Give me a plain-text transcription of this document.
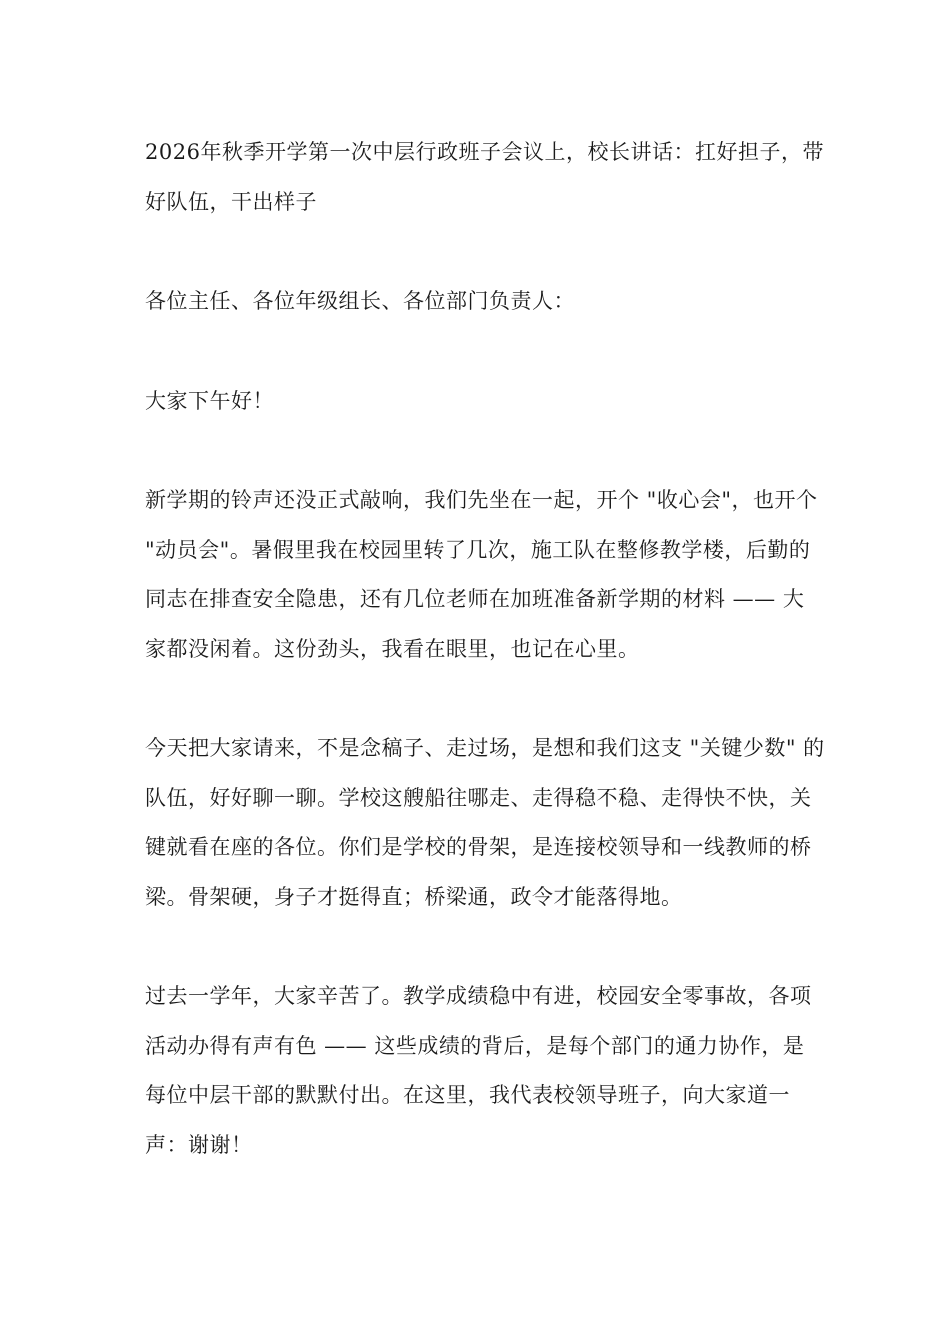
2026年秋季开学第一次中层行政班子会议上，校长讲话：扛好担子，带好队伍，干出样子

各位主任、各位年级组长、各位部门负责人：

大家下午好！

新学期的铃声还没正式敲响，我们先坐在一起，开个 "收心会"，也开个 "动员会"。暑假里我在校园里转了几次，施工队在整修教学楼，后勤的同志在排查安全隐患，还有几位老师在加班准备新学期的材料 —— 大家都没闲着。这份劲头，我看在眼里，也记在心里。

今天把大家请来，不是念稿子、走过场，是想和我们这支 "关键少数" 的队伍，好好聊一聊。学校这艘船往哪走、走得稳不稳、走得快不快，关键就看在座的各位。你们是学校的骨架，是连接校领导和一线教师的桥梁。骨架硬，身子才挺得直；桥梁通，政令才能落得地。

过去一学年，大家辛苦了。教学成绩稳中有进，校园安全零事故，各项活动办得有声有色 —— 这些成绩的背后，是每个部门的通力协作，是每位中层干部的默默付出。在这里，我代表校领导班子，向大家道一声：谢谢！
